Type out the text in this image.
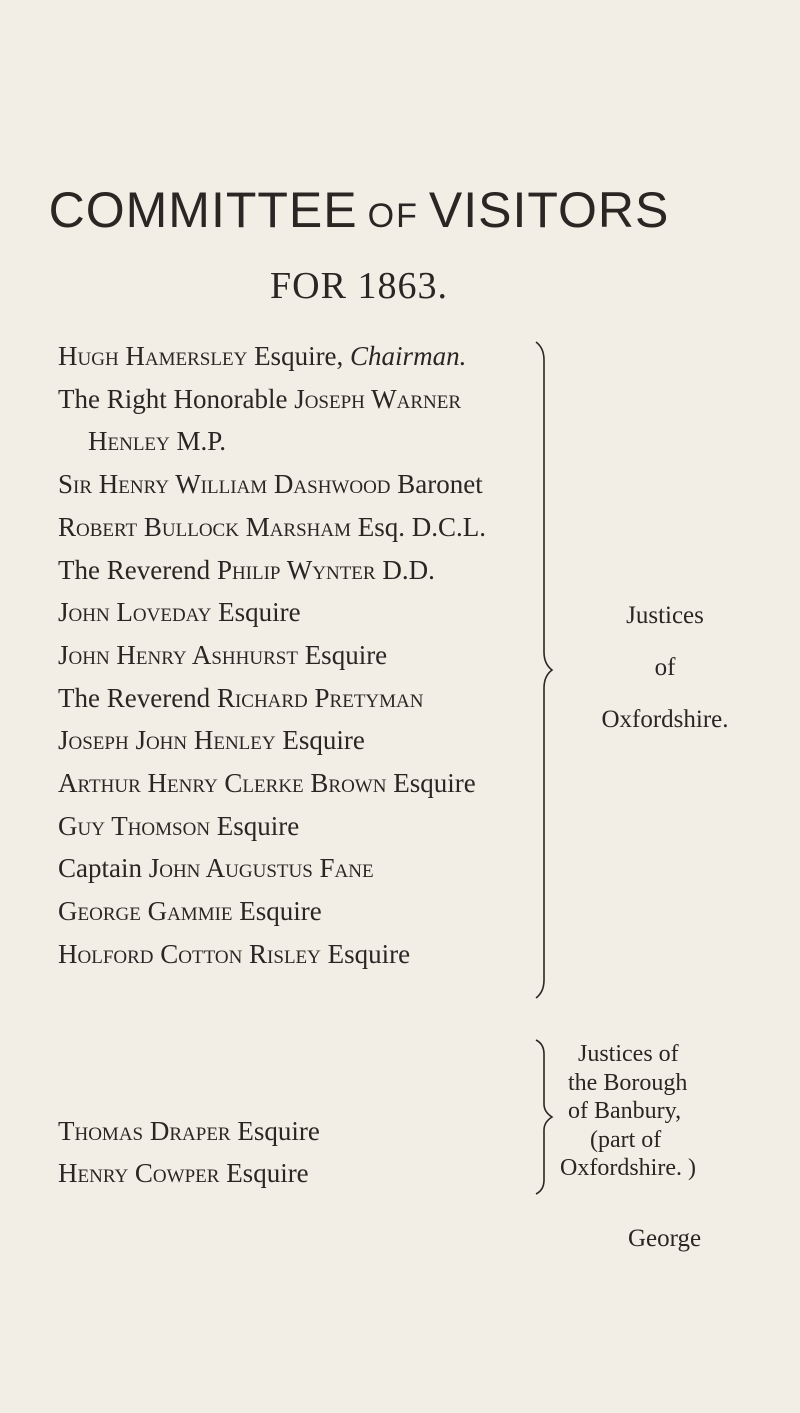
COMMITTEE OF VISITORS
FOR 1863.
Hugh Hamersley Esquire, Chairman.
The Right Honorable Joseph Warner
Henley M.P.
Sir Henry William Dashwood Baronet
Robert Bullock Marsham Esq. D.C.L.
The Reverend Philip Wynter D.D.
John Loveday Esquire
John Henry Ashhurst Esquire
The Reverend Richard Pretyman
Joseph John Henley Esquire
Arthur Henry Clerke Brown Esquire
Guy Thomson Esquire
Captain John Augustus Fane
George Gammie Esquire
Holford Cotton Risley Esquire
Justices
of
Oxfordshire.
Thomas Draper Esquire
Henry Cowper Esquire
Justices of
the Borough
of Banbury,
(part of
Oxfordshire. )
George
